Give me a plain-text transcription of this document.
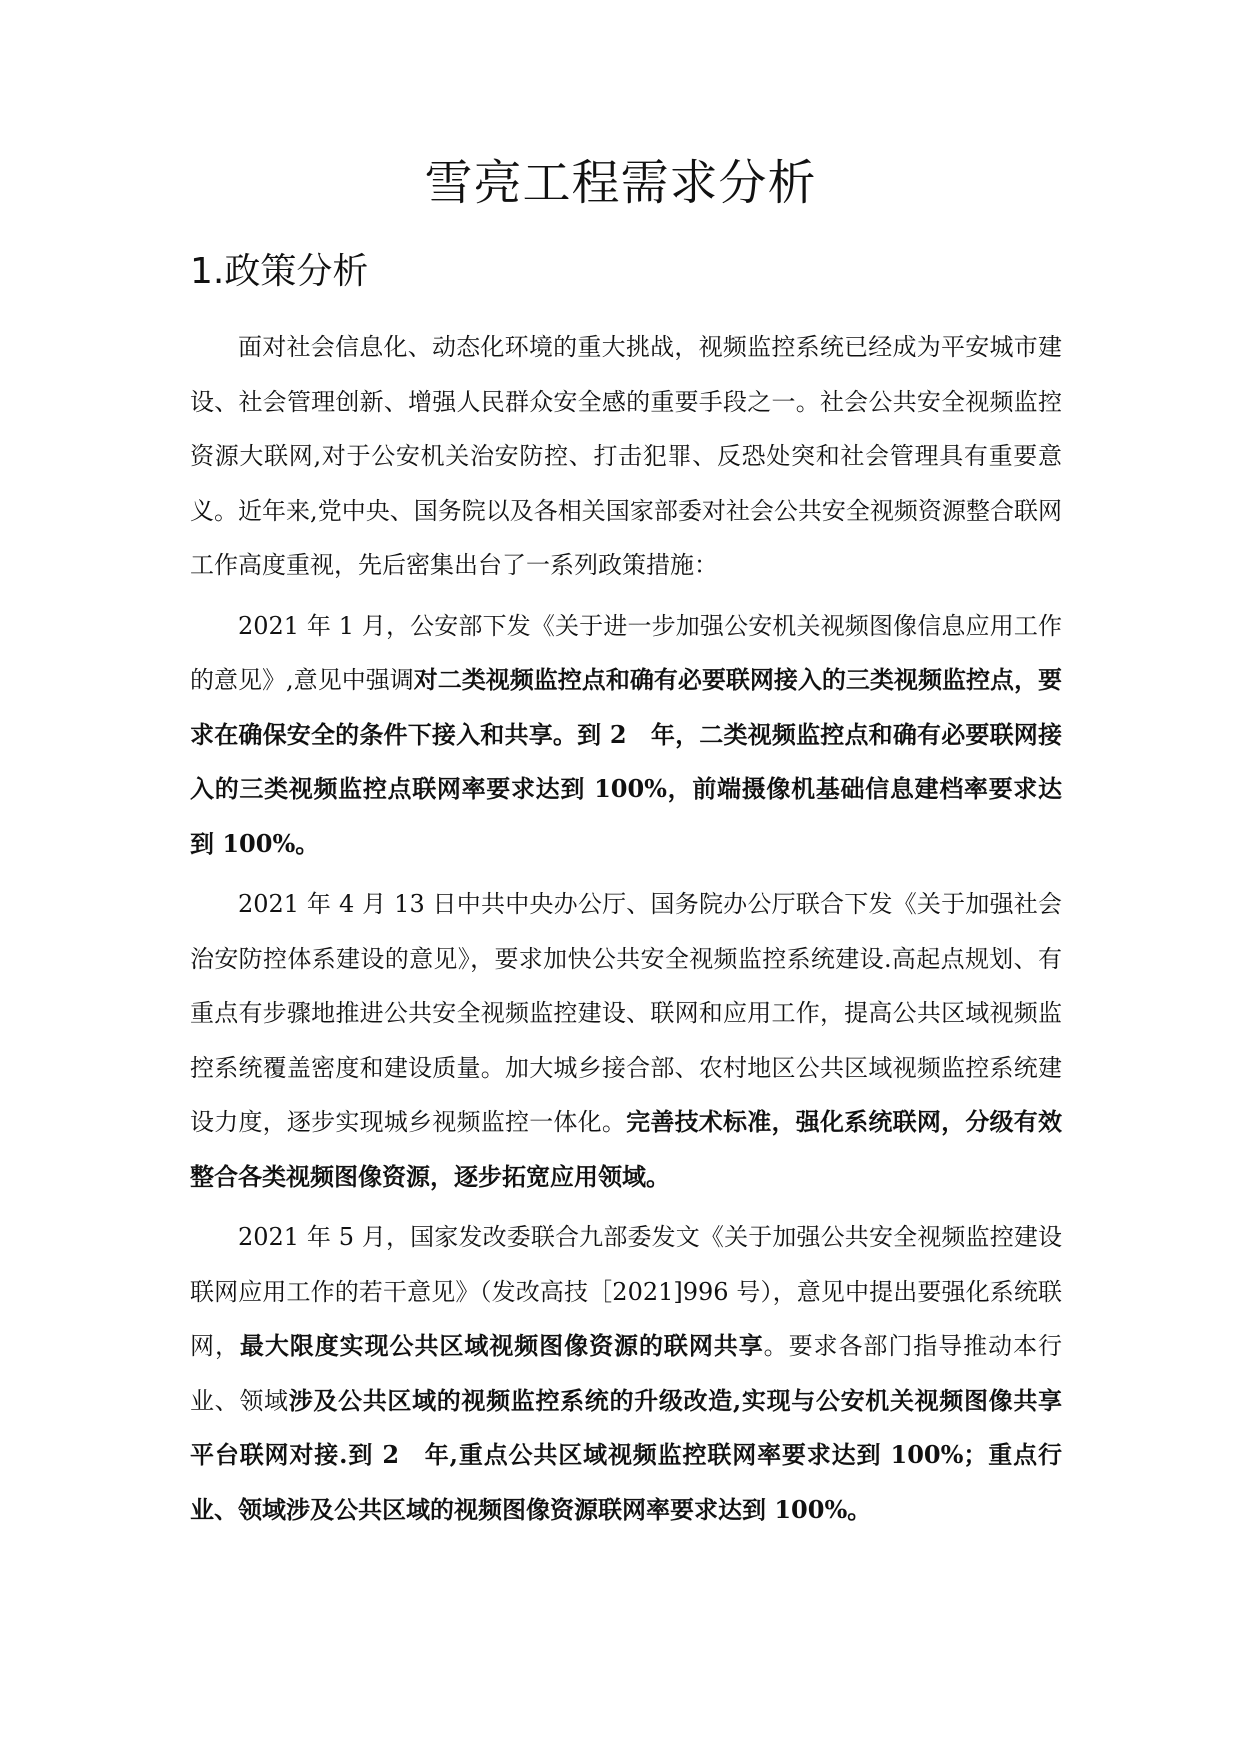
雪亮工程需求分析
1.政策分析

面对社会信息化、动态化环境的重大挑战，视频监控系统已经成为平安城市建设、社会管理创新、增强人民群众安全感的重要手段之一。社会公共安全视频监控资源大联网,对于公安机关治安防控、打击犯罪、反恐处突和社会管理具有重要意义。近年来,党中央、国务院以及各相关国家部委对社会公共安全视频资源整合联网工作高度重视，先后密集出台了一系列政策措施：

2021 年 1 月，公安部下发《关于进一步加强公安机关视频图像信息应用工作的意见》,意见中强调对二类视频监控点和确有必要联网接入的三类视频监控点，要求在确保安全的条件下接入和共享。到 2　年，二类视频监控点和确有必要联网接入的三类视频监控点联网率要求达到 100%，前端摄像机基础信息建档率要求达到 100%。

2021 年 4 月 13 日中共中央办公厅、国务院办公厅联合下发《关于加强社会治安防控体系建设的意见》，要求加快公共安全视频监控系统建设.高起点规划、有重点有步骤地推进公共安全视频监控建设、联网和应用工作，提高公共区域视频监控系统覆盖密度和建设质量。加大城乡接合部、农村地区公共区域视频监控系统建设力度，逐步实现城乡视频监控一体化。完善技术标准，强化系统联网，分级有效整合各类视频图像资源，逐步拓宽应用领域。

2021 年 5 月，国家发改委联合九部委发文《关于加强公共安全视频监控建设联网应用工作的若干意见》（发改高技［2021]996 号），意见中提出要强化系统联网，最大限度实现公共区域视频图像资源的联网共享。要求各部门指导推动本行业、领域涉及公共区域的视频监控系统的升级改造,实现与公安机关视频图像共享平台联网对接.到 2　年,重点公共区域视频监控联网率要求达到 100%；重点行业、领域涉及公共区域的视频图像资源联网率要求达到 100%。
